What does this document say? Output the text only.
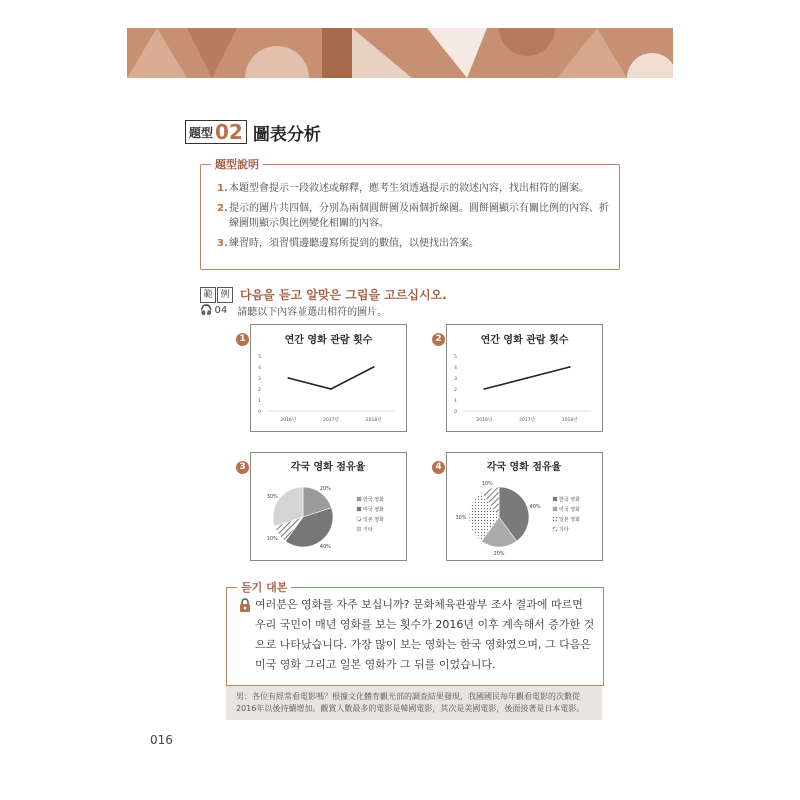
題型 02 圖表分析
題型說明
1. 本題型會提示一段敘述或解釋，應考生須透過提示的敘述內容，找出相符的圖案。
2. 提示的圖片共四個，分別為兩個圓餅圖及兩個折線圖。圓餅圖顯示有關比例的內容、折線圖則顯示與比例變化相關的內容。
3. 練習時，須習慣邊聽邊寫所提到的數值，以便找出答案。
範 例 다음을 듣고 알맞은 그림을 고르십시오.
🎧 04 請聽以下內容並選出相符的圖片。
1	연간 영화 관람 횟수
0
1
2
3
4
5
2016년	2017년	2018년
2	연간 영화 관람 횟수
0
1
2
3
4
5
2016년	2017년	2018년
3	각국 영화 점유율
20%
40%
10%
30%
한국 영화
미국 영화
일본 영화
기타
4	각국 영화 점유율
40%
20%
30%
10%
한국 영화
미국 영화
일본 영화
기타
듣기 대본
여러분은 영화를 자주 보십니까? 문화체육관광부 조사 결과에 따르면 우리 국민이 매년 영화를 보는 횟수가 2016년 이후 계속해서 증가한 것으로 나타났습니다. 가장 많이 보는 영화는 한국 영화였으며, 그 다음은 미국 영화 그리고 일본 영화가 그 뒤를 이었습니다.
男：各位有經常看電影嗎？根據文化體育觀光部的調查結果發現，我國國民每年觀看電影的次數從2016年以後持續增加。觀賞人數最多的電影是韓國電影，其次是美國電影，後面接著是日本電影。
016
